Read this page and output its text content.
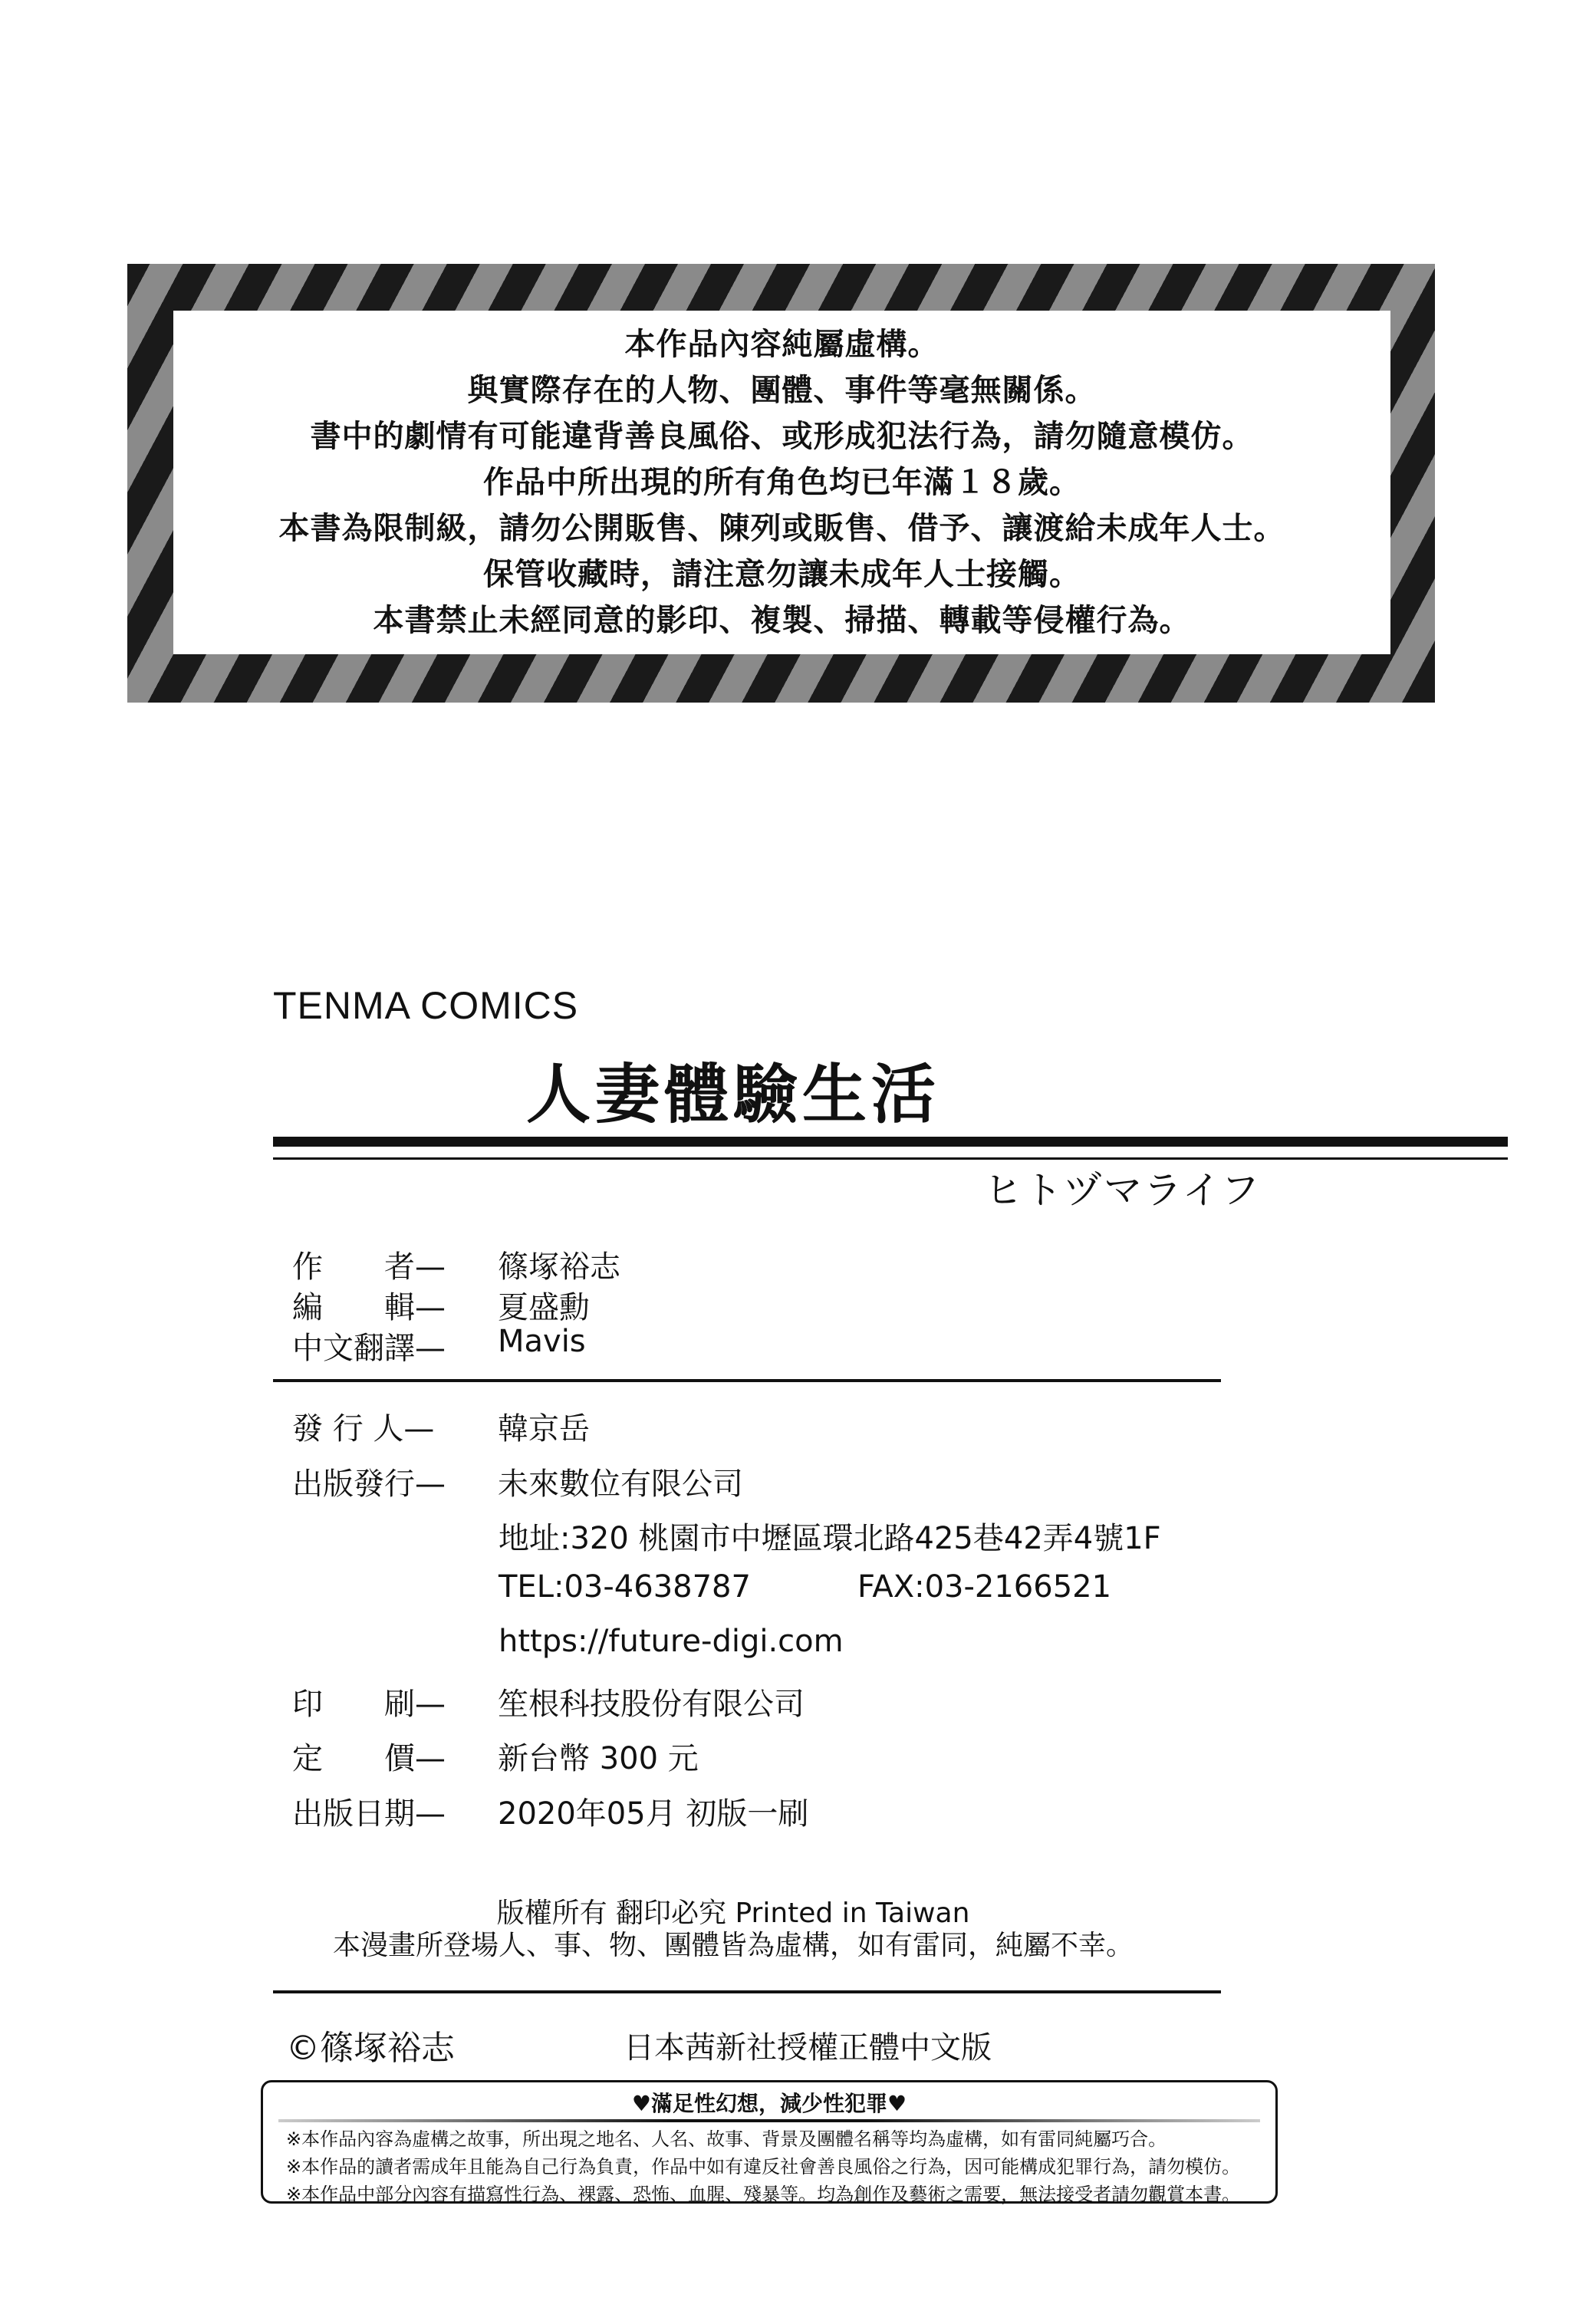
本作品內容純屬虛構。
與實際存在的人物、團體、事件等毫無關係。
書中的劇情有可能違背善良風俗、或形成犯法行為，請勿隨意模仿。
作品中所出現的所有角色均已年滿１８歲。
本書為限制級，請勿公開販售、陳列或販售、借予、讓渡給未成年人士。
保管收藏時，請注意勿讓未成年人士接觸。
本書禁止未經同意的影印、複製、掃描、轉載等侵權行為。
TENMA COMICS
人妻體驗生活
ヒトヅマライフ
作　　者—	篠塚裕志
編　　輯—	夏盛勳
中文翻譯—	Mavis
發 行 人—	韓京岳
出版發行—	未來數位有限公司
地址:320 桃園市中壢區環北路425巷42弄4號1F
TEL:03-4638787	FAX:03-2166521
https://future-digi.com
印　　刷—	笙根科技股份有限公司
定　　價—	新台幣 300 元
出版日期—	2020年05月 初版一刷
版權所有 翻印必究 Printed in Taiwan
本漫畫所登場人、事、物、團體皆為虛構，如有雷同，純屬不幸。
©篠塚裕志	日本茜新社授權正體中文版
♥滿足性幻想，減少性犯罪♥
※本作品內容為虛構之故事，所出現之地名、人名、故事、背景及團體名稱等均為虛構，如有雷同純屬巧合。
※本作品的讀者需成年且能為自己行為負責，作品中如有違反社會善良風俗之行為，因可能構成犯罪行為，請勿模仿。
※本作品中部分內容有描寫性行為、裸露、恐怖、血腥、殘暴等。均為創作及藝術之需要，無法接受者請勿觀賞本書。
